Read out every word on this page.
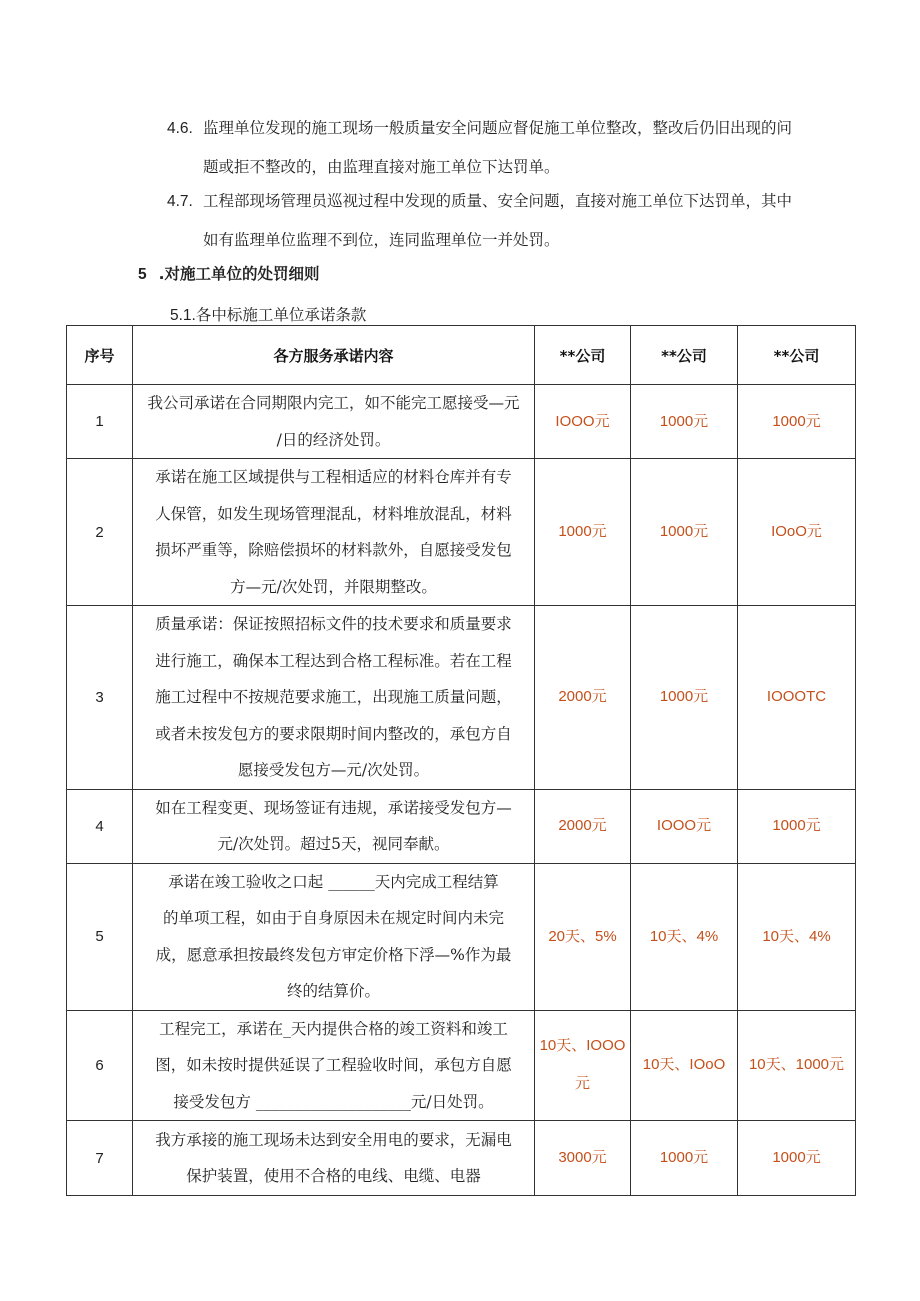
4.6. 监理单位发现的施工现场一般质量安全问题应督促施工单位整改，整改后仍旧出现的问
题或拒不整改的，由监理直接对施工单位下达罚单。
4.7. 工程部现场管理员巡视过程中发现的质量、安全问题，直接对施工单位下达罚单，其中
如有监理单位监理不到位，连同监理单位一并处罚。
5 .对施工单位的处罚细则
5.1.各中标施工单位承诺条款
序号	各方服务承诺内容	**公司	**公司	**公司
1	我公司承诺在合同期限内完工，如不能完工愿接受—元
/日的经济处罚。	IOOO元	1000元	1000元
2	承诺在施工区域提供与工程相适应的材料仓库并有专
人保管，如发生现场管理混乱，材料堆放混乱，材料
损坏严重等，除赔偿损坏的材料款外，自愿接受发包
方—元/次处罚，并限期整改。	1000元	1000元	IOoO元
3	质量承诺：保证按照招标文件的技术要求和质量要求
进行施工，确保本工程达到合格工程标准。若在工程
施工过程中不按规范要求施工，出现施工质量问题，
或者未按发包方的要求限期时间内整改的，承包方自
愿接受发包方—元/次处罚。	2000元	1000元	IOOOTC
4	如在工程变更、现场签证有违规，承诺接受发包方—
元/次处罚。超过5天，视同奉献。	2000元	IOOO元	1000元
5	承诺在竣工验收之口起 ______天内完成工程结算
的单项工程，如由于自身原因未在规定时间内未完
成，愿意承担按最终发包方审定价格下浮—%作为最
终的结算价。	20天、5%	10天、4%	10天、4%
6	工程完工，承诺在_天内提供合格的竣工资料和竣工
图，如未按时提供延误了工程验收时间，承包方自愿
接受发包方 ____________________元/日处罚。	10天、IOOO元	10天、IOoO	10天、1000元
7	我方承接的施工现场未达到安全用电的要求，无漏电
保护装置，使用不合格的电线、电缆、电器	3000元	1000元	1000元
